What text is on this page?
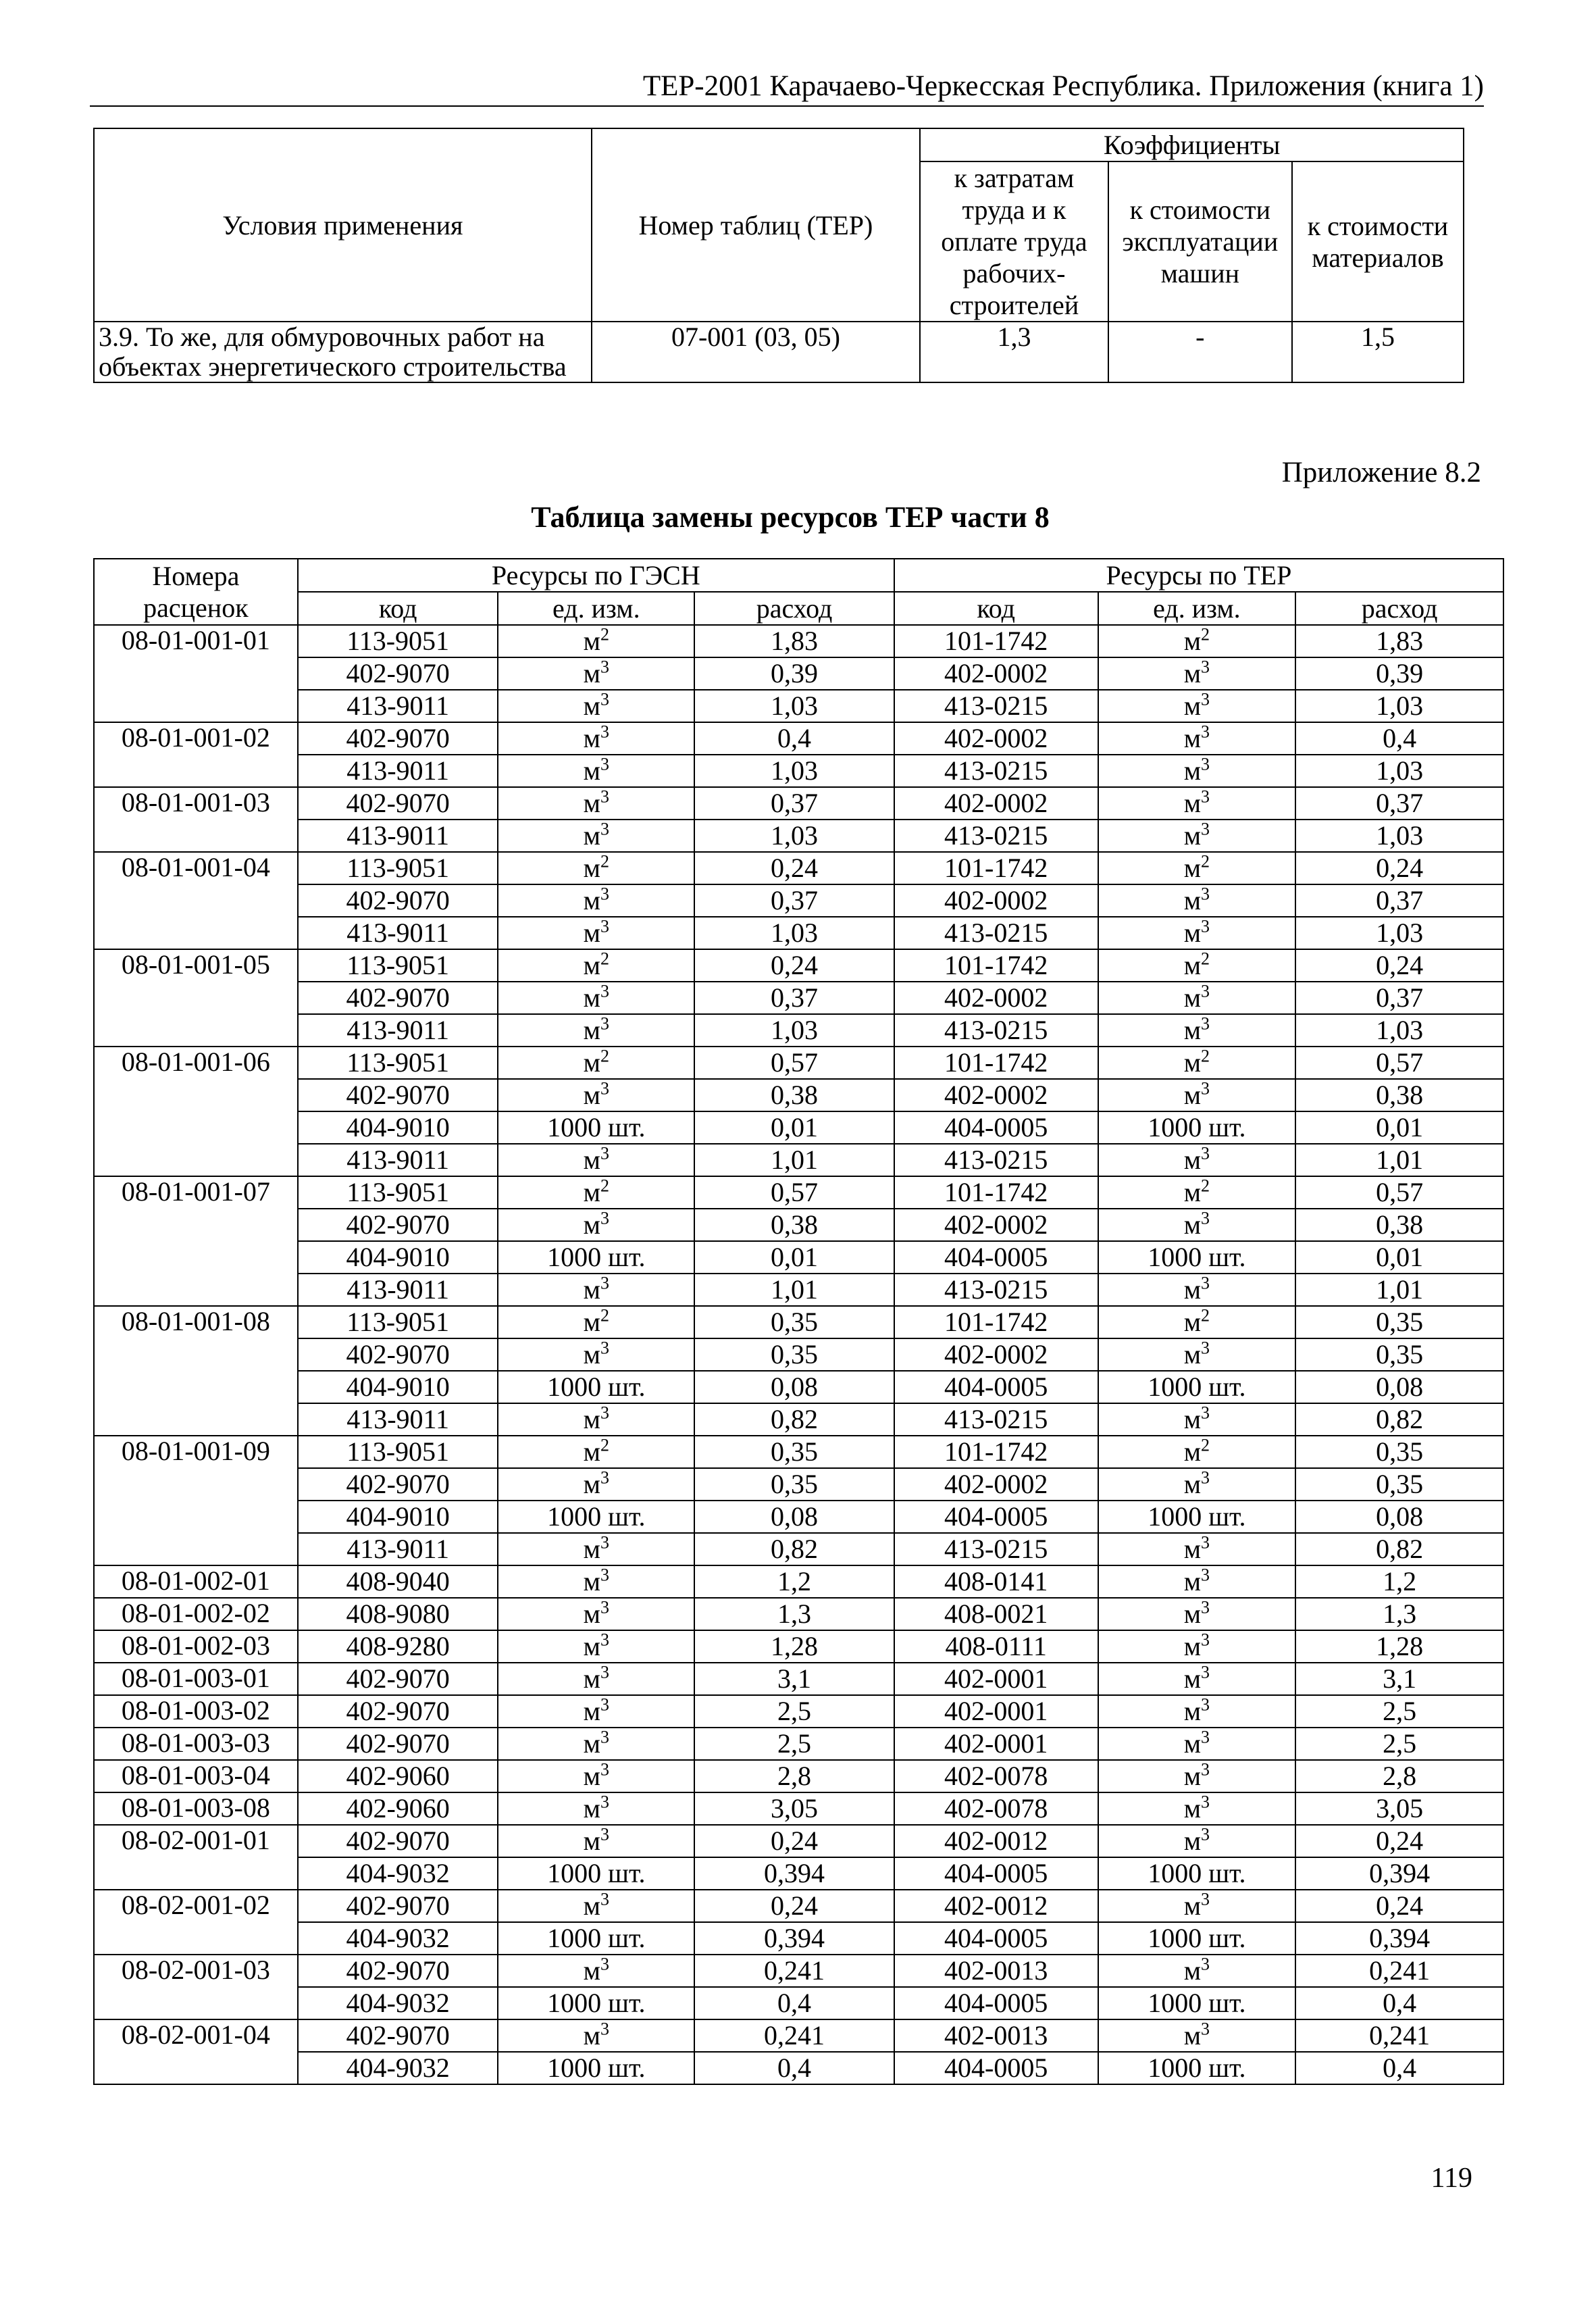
ТЕР-2001 Карачаево-Черкесская Республика. Приложения (книга 1)
Условия применения	Номер таблиц (ТЕР)	Коэффициенты		
		к затратам труда и к оплате труда рабочих-строителей	к стоимости эксплуатации машин	к стоимости материалов
3.9. То же, для обмуровочных работ на объектах энергетического строительства	07-001 (03, 05)	1,3	-	1,5
Приложение 8.2
Таблица замены ресурсов ТЕР части 8
Номера расценок	Ресурсы по ГЭСН			Ресурсы по ТЕР		
	код	ед. изм.	расход	код	ед. изм.	расход
08-01-001-01	113-9051	$м^2$	1,83	101-1742	$м^2$	1,83
	402-9070	$м^3$	0,39	402-0002	$м^3$	0,39
	413-9011	$м^3$	1,03	413-0215	$м^3$	1,03
08-01-001-02	402-9070	$м^3$	0,4	402-0002	$м^3$	0,4
	413-9011	$м^3$	1,03	413-0215	$м^3$	1,03
08-01-001-03	402-9070	$м^3$	0,37	402-0002	$м^3$	0,37
	413-9011	$м^3$	1,03	413-0215	$м^3$	1,03
08-01-001-04	113-9051	$м^2$	0,24	101-1742	$м^2$	0,24
	402-9070	$м^3$	0,37	402-0002	$м^3$	0,37
	413-9011	$м^3$	1,03	413-0215	$м^3$	1,03
08-01-001-05	113-9051	$м^2$	0,24	101-1742	$м^2$	0,24
	402-9070	$м^3$	0,37	402-0002	$м^3$	0,37
	413-9011	$м^3$	1,03	413-0215	$м^3$	1,03
08-01-001-06	113-9051	$м^2$	0,57	101-1742	$м^2$	0,57
	402-9070	$м^3$	0,38	402-0002	$м^3$	0,38
	404-9010	1000 шт.	0,01	404-0005	1000 шт.	0,01
	413-9011	$м^3$	1,01	413-0215	$м^3$	1,01
08-01-001-07	113-9051	$м^2$	0,57	101-1742	$м^2$	0,57
	402-9070	$м^3$	0,38	402-0002	$м^3$	0,38
	404-9010	1000 шт.	0,01	404-0005	1000 шт.	0,01
	413-9011	$м^3$	1,01	413-0215	$м^3$	1,01
08-01-001-08	113-9051	$м^2$	0,35	101-1742	$м^2$	0,35
	402-9070	$м^3$	0,35	402-0002	$м^3$	0,35
	404-9010	1000 шт.	0,08	404-0005	1000 шт.	0,08
	413-9011	$м^3$	0,82	413-0215	$м^3$	0,82
08-01-001-09	113-9051	$м^2$	0,35	101-1742	$м^2$	0,35
	402-9070	$м^3$	0,35	402-0002	$м^3$	0,35
	404-9010	1000 шт.	0,08	404-0005	1000 шт.	0,08
	413-9011	$м^3$	0,82	413-0215	$м^3$	0,82
08-01-002-01	408-9040	$м^3$	1,2	408-0141	$м^3$	1,2
08-01-002-02	408-9080	$м^3$	1,3	408-0021	$м^3$	1,3
08-01-002-03	408-9280	$м^3$	1,28	408-0111	$м^3$	1,28
08-01-003-01	402-9070	$м^3$	3,1	402-0001	$м^3$	3,1
08-01-003-02	402-9070	$м^3$	2,5	402-0001	$м^3$	2,5
08-01-003-03	402-9070	$м^3$	2,5	402-0001	$м^3$	2,5
08-01-003-04	402-9060	$м^3$	2,8	402-0078	$м^3$	2,8
08-01-003-08	402-9060	$м^3$	3,05	402-0078	$м^3$	3,05
08-02-001-01	402-9070	$м^3$	0,24	402-0012	$м^3$	0,24
	404-9032	1000 шт.	0,394	404-0005	1000 шт.	0,394
08-02-001-02	402-9070	$м^3$	0,24	402-0012	$м^3$	0,24
	404-9032	1000 шт.	0,394	404-0005	1000 шт.	0,394
08-02-001-03	402-9070	$м^3$	0,241	402-0013	$м^3$	0,241
	404-9032	1000 шт.	0,4	404-0005	1000 шт.	0,4
08-02-001-04	402-9070	$м^3$	0,241	402-0013	$м^3$	0,241
	404-9032	1000 шт.	0,4	404-0005	1000 шт.	0,4
119
